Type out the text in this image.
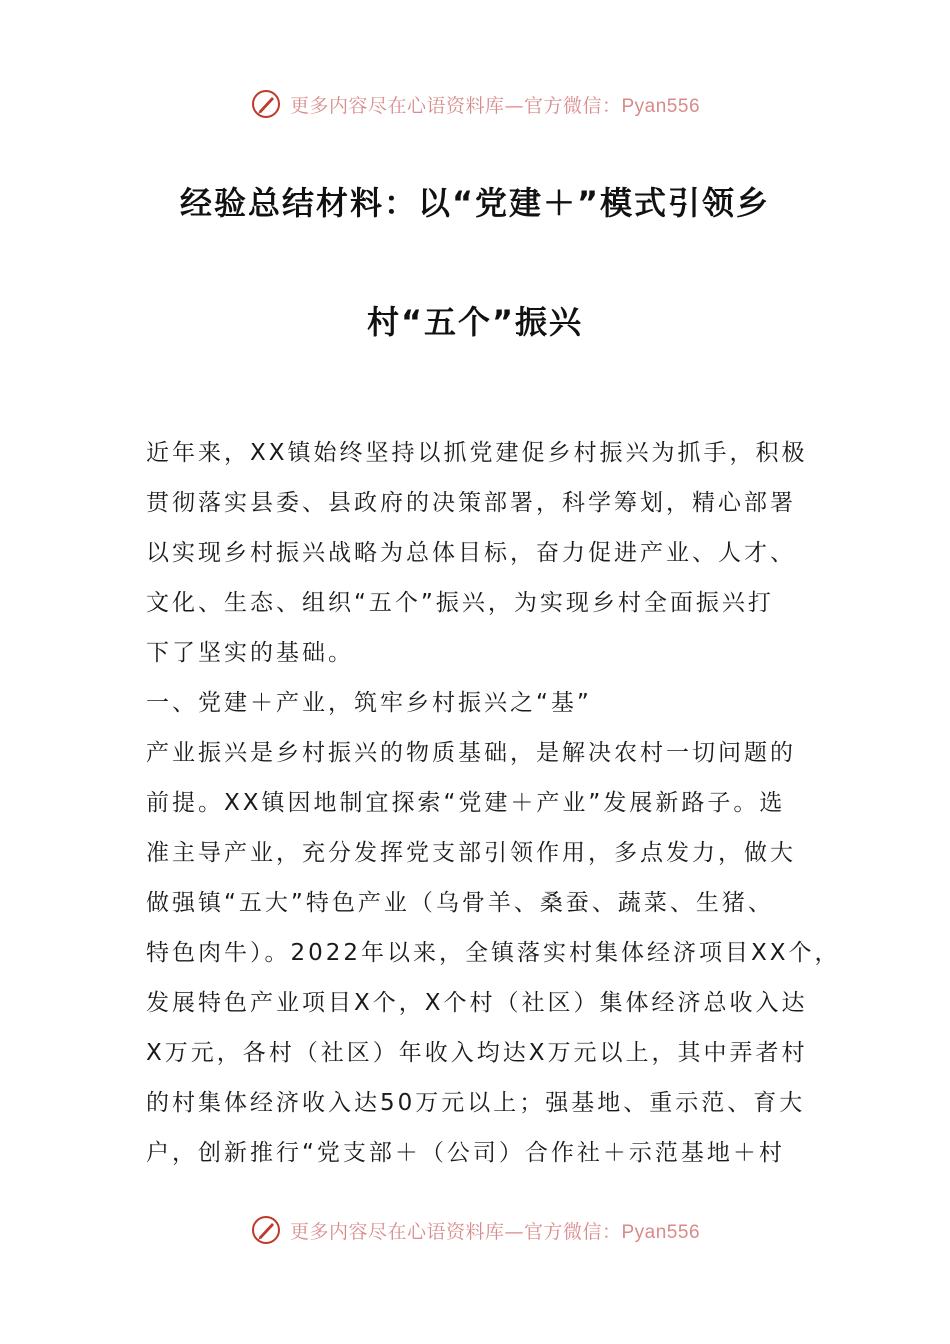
更多内容尽在心语资料库—官方微信：Pyan556
经验总结材料：以“党建＋”模式引领乡
村“五个”振兴
近年来，XX镇始终坚持以抓党建促乡村振兴为抓手，积极
贯彻落实县委、县政府的决策部署，科学筹划，精心部署
以实现乡村振兴战略为总体目标，奋力促进产业、人才、
文化、生态、组织“五个”振兴，为实现乡村全面振兴打
下了坚实的基础。
一、党建＋产业，筑牢乡村振兴之“基”
产业振兴是乡村振兴的物质基础，是解决农村一切问题的
前提。XX镇因地制宜探索“党建＋产业”发展新路子。选
准主导产业，充分发挥党支部引领作用，多点发力，做大
做强镇“五大”特色产业（乌骨羊、桑蚕、蔬菜、生猪、
特色肉牛）。2022年以来，全镇落实村集体经济项目XX个，
发展特色产业项目X个，X个村（社区）集体经济总收入达
X万元，各村（社区）年收入均达X万元以上，其中弄者村
的村集体经济收入达50万元以上；强基地、重示范、育大
户，创新推行“党支部＋（公司）合作社＋示范基地＋村
更多内容尽在心语资料库—官方微信：Pyan556
